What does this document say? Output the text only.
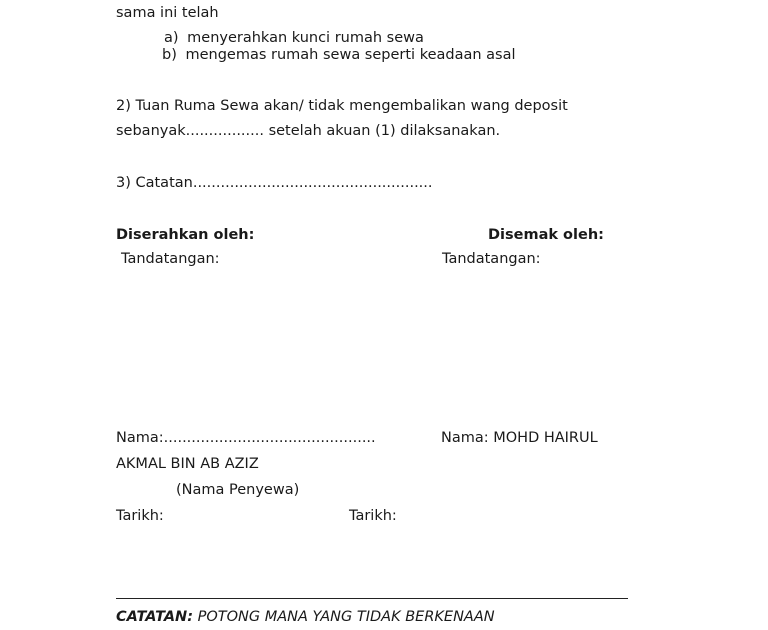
sama ini telah
a) menyerahkan kunci rumah sewa
b) mengemas rumah sewa seperti keadaan asal
2) Tuan Ruma Sewa akan/ tidak mengembalikan wang deposit
sebanyak................. setelah akuan (1) dilaksanakan.
3) Catatan....................................................
Diserahkan oleh:	Disemak oleh:
Tandatangan:	Tandatangan:
Nama:..............................................	Nama: MOHD HAIRUL
AKMAL BIN AB AZIZ
(Nama Penyewa)
Tarikh:	Tarikh:
CATATAN: POTONG MANA YANG TIDAK BERKENAAN
